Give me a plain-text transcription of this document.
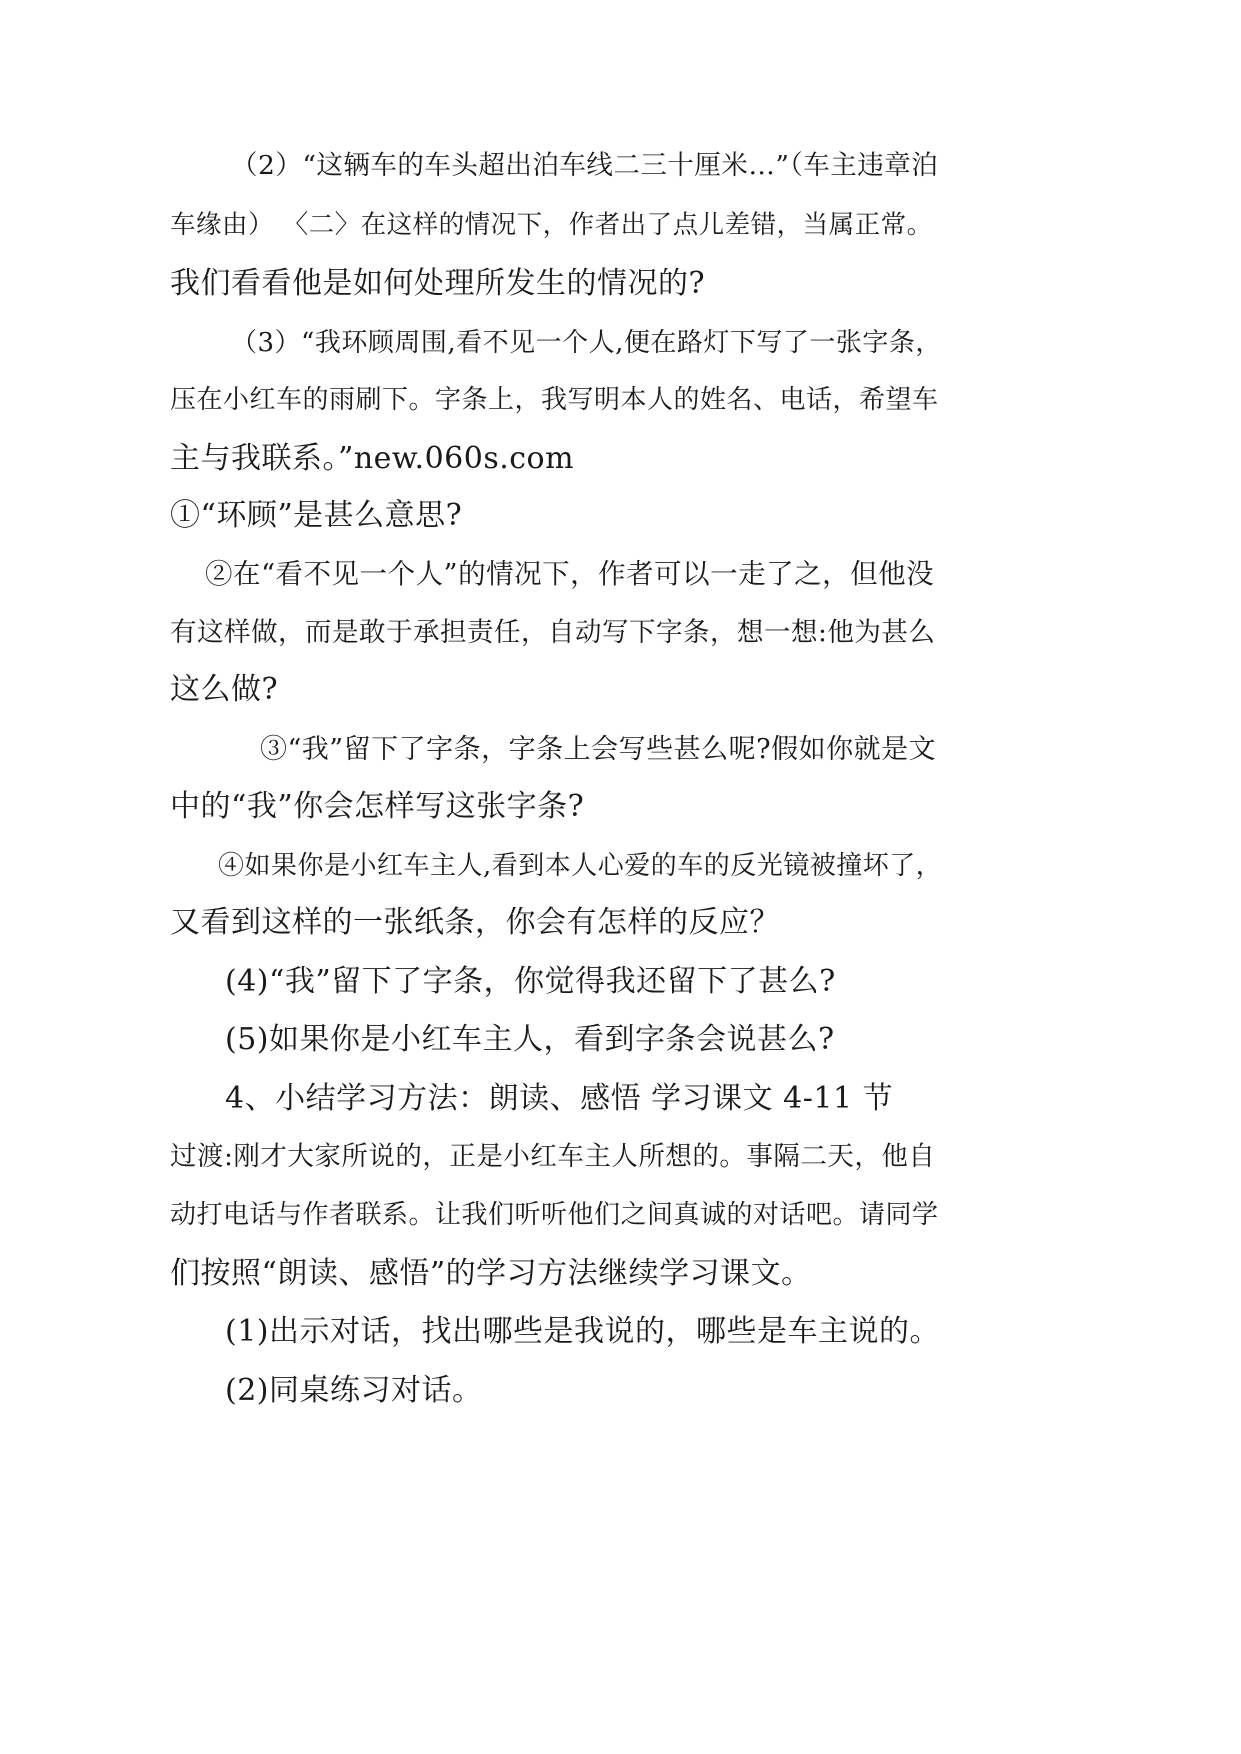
（2）“这辆车的车头超出泊车线二三十厘米…”（车主违章泊
车缘由） 〈二〉在这样的情况下，作者出了点儿差错，当属正常。
我们看看他是如何处理所发生的情况的?
（3）“我环顾周围,看不见一个人,便在路灯下写了一张字条，
压在小红车的雨刷下。字条上，我写明本人的姓名、电话，希望车
主与我联系。”new.060s.com
①“环顾”是甚么意思?
②在“看不见一个人”的情况下，作者可以一走了之，但他没
有这样做，而是敢于承担责任，自动写下字条，想一想:他为甚么
这么做?
③“我”留下了字条，字条上会写些甚么呢?假如你就是文
中的“我”你会怎样写这张字条?
④如果你是小红车主人,看到本人心爱的车的反光镜被撞坏了，
又看到这样的一张纸条，你会有怎样的反应？
(4)“我”留下了字条，你觉得我还留下了甚么?
(5)如果你是小红车主人，看到字条会说甚么?
4、小结学习方法：朗读、感悟 学习课文 4-11 节
过渡:刚才大家所说的，正是小红车主人所想的。事隔二天，他自
动打电话与作者联系。让我们听听他们之间真诚的对话吧。请同学
们按照“朗读、感悟”的学习方法继续学习课文。
(1)出示对话，找出哪些是我说的，哪些是车主说的。
(2)同桌练习对话。
